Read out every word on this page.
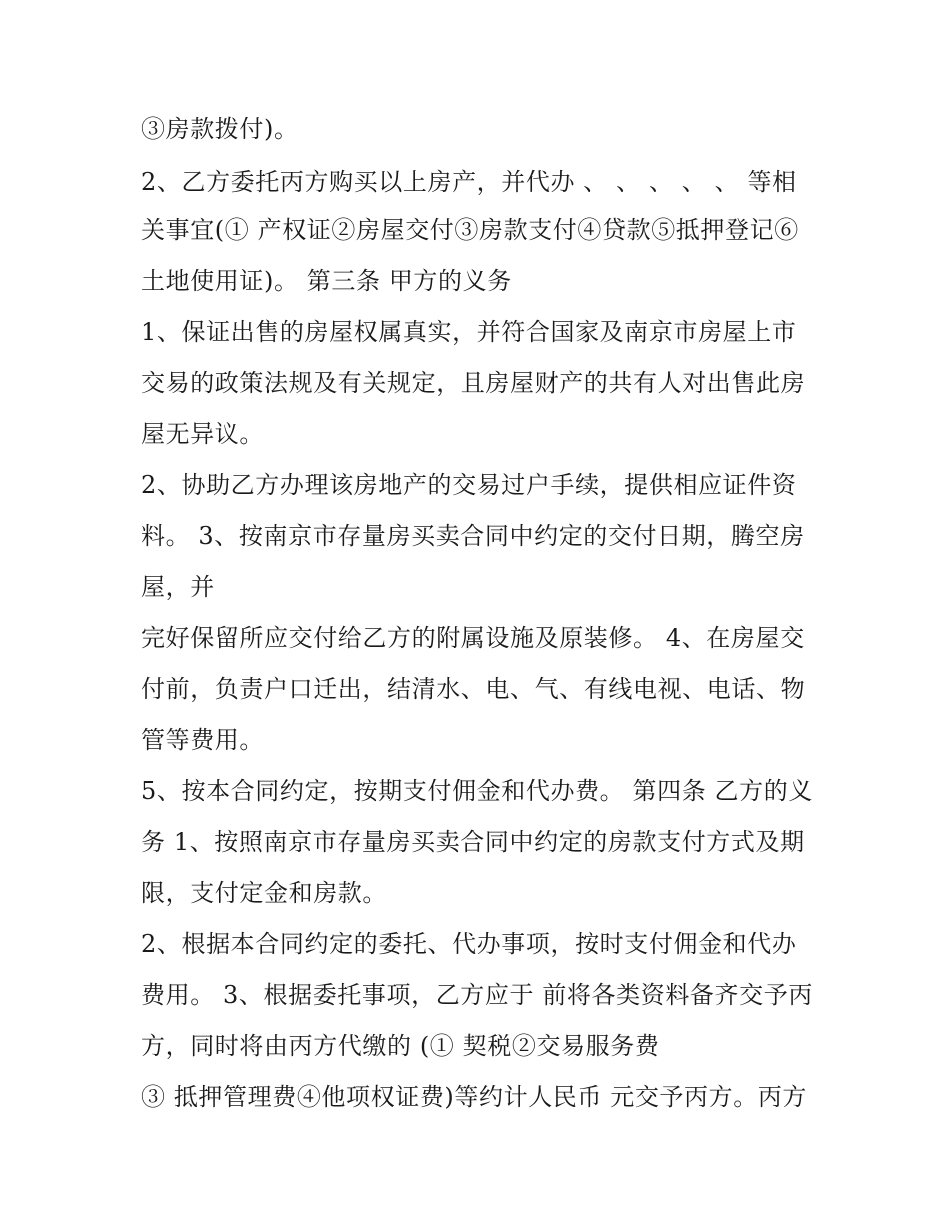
③房款拨付)。
2、乙方委托丙方购买以上房产，并代办 、 、 、 、 、 等相
关事宜(① 产权证②房屋交付③房款支付④贷款⑤抵押登记⑥
土地使用证)。 第三条 甲方的义务
1、保证出售的房屋权属真实，并符合国家及南京市房屋上市
交易的政策法规及有关规定，且房屋财产的共有人对出售此房
屋无异议。
2、协助乙方办理该房地产的交易过户手续，提供相应证件资
料。 3、按南京市存量房买卖合同中约定的交付日期，腾空房
屋，并
完好保留所应交付给乙方的附属设施及原装修。 4、在房屋交
付前，负责户口迁出，结清水、电、气、有线电视、电话、物
管等费用。
5、按本合同约定，按期支付佣金和代办费。 第四条 乙方的义
务 1、按照南京市存量房买卖合同中约定的房款支付方式及期
限，支付定金和房款。
2、根据本合同约定的委托、代办事项，按时支付佣金和代办
费用。 3、根据委托事项，乙方应于 前将各类资料备齐交予丙
方，同时将由丙方代缴的 (① 契税②交易服务费
③ 抵押管理费④他项权证费)等约计人民币 元交予丙方。丙方
